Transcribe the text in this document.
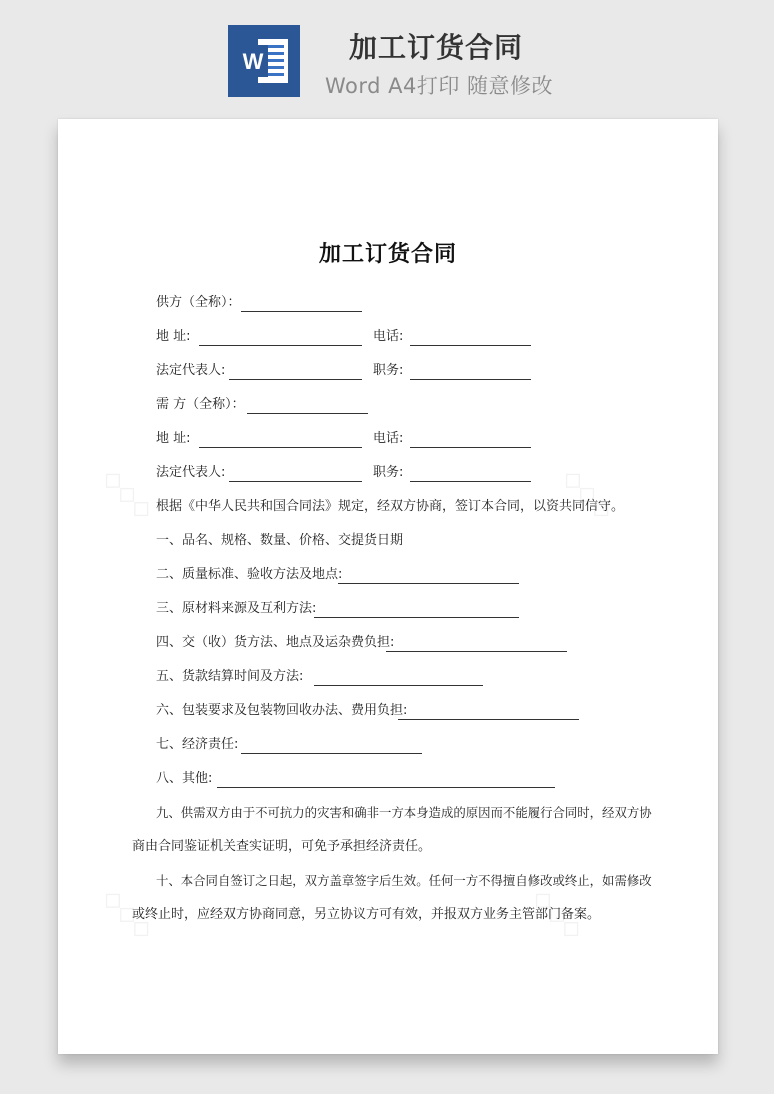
W	加工订货合同
Word A4打印 随意修改
◇◇◇	◇◇◇
◇◇◇	◇◇◇
加工订货合同
供方（全称）：
地 址:	电话:
法定代表人:	职务:
需 方（全称）：
地 址:	电话:
法定代表人:	职务:
根据《中华人民共和国合同法》规定，经双方协商，签订本合同，以资共同信守。
一、品名、规格、数量、价格、交提货日期
二、质量标准、验收方法及地点:
三、原材料来源及互利方法:
四、交（收）货方法、地点及运杂费负担:
五、货款结算时间及方法:
六、包装要求及包装物回收办法、费用负担:
七、经济责任:
八、其他:
九、供需双方由于不可抗力的灾害和确非一方本身造成的原因而不能履行合同时，经双方协
商由合同鉴证机关查实证明，可免予承担经济责任。
十、本合同自签订之日起，双方盖章签字后生效。任何一方不得擅自修改或终止，如需修改
或终止时，应经双方协商同意，另立协议方可有效，并报双方业务主管部门备案。
